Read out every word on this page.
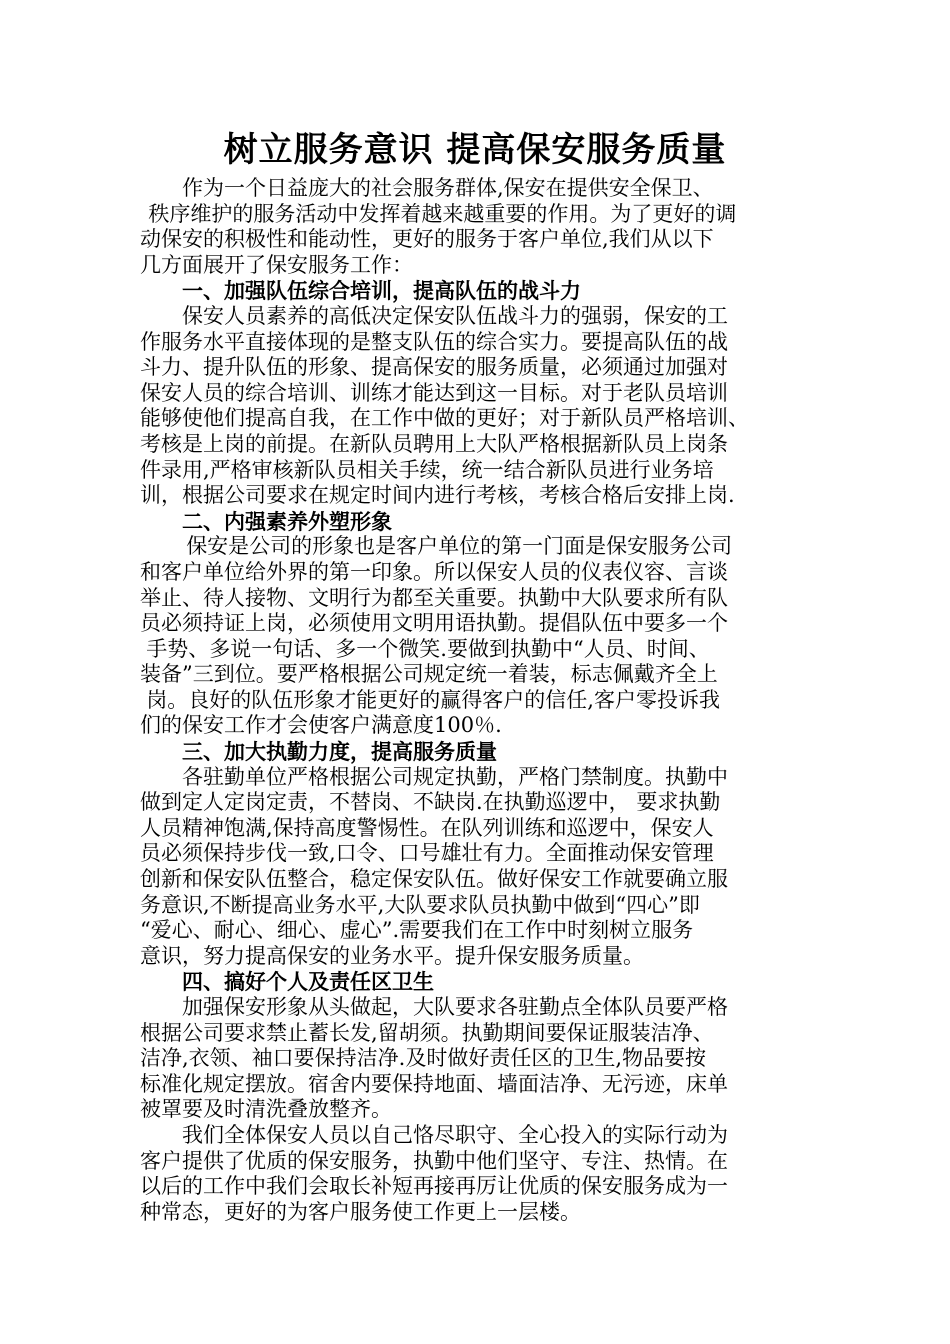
树立服务意识 提高保安服务质量
作为一个日益庞大的社会服务群体,保安在提供安全保卫、
秩序维护的服务活动中发挥着越来越重要的作用。为了更好的调
动保安的积极性和能动性，更好的服务于客户单位,我们从以下
几方面展开了保安服务工作：
一、加强队伍综合培训，提高队伍的战斗力
保安人员素养的高低决定保安队伍战斗力的强弱，保安的工
作服务水平直接体现的是整支队伍的综合实力。要提高队伍的战
斗力、提升队伍的形象、提高保安的服务质量，必须通过加强对
保安人员的综合培训、训练才能达到这一目标。对于老队员培训
能够使他们提高自我，在工作中做的更好；对于新队员严格培训、
考核是上岗的前提。在新队员聘用上大队严格根据新队员上岗条
件录用,严格审核新队员相关手续，统一结合新队员进行业务培
训，根据公司要求在规定时间内进行考核，考核合格后安排上岗.
二、内强素养外塑形象
保安是公司的形象也是客户单位的第一门面是保安服务公司
和客户单位给外界的第一印象。所以保安人员的仪表仪容、言谈
举止、待人接物、文明行为都至关重要。执勤中大队要求所有队
员必须持证上岗，必须使用文明用语执勤。提倡队伍中要多一个
手势、多说一句话、多一个微笑.要做到执勤中“人员、时间、
装备”三到位。要严格根据公司规定统一着装，标志佩戴齐全上
岗。良好的队伍形象才能更好的赢得客户的信任,客户零投诉我
们的保安工作才会使客户满意度100％.
三、加大执勤力度，提高服务质量
各驻勤单位严格根据公司规定执勤，严格门禁制度。执勤中
做到定人定岗定责，不替岗、不缺岗.在执勤巡逻中， 要求执勤
人员精神饱满,保持高度警惕性。在队列训练和巡逻中，保安人
员必须保持步伐一致,口令、口号雄壮有力。全面推动保安管理
创新和保安队伍整合，稳定保安队伍。做好保安工作就要确立服
务意识,不断提高业务水平,大队要求队员执勤中做到“四心”即
“爱心、耐心、细心、虚心”.需要我们在工作中时刻树立服务
意识，努力提高保安的业务水平。提升保安服务质量。
四、搞好个人及责任区卫生
加强保安形象从头做起，大队要求各驻勤点全体队员要严格
根据公司要求禁止蓄长发,留胡须。执勤期间要保证服装洁净、
洁净,衣领、袖口要保持洁净.及时做好责任区的卫生,物品要按
标准化规定摆放。宿舍内要保持地面、墙面洁净、无污迹，床单
被罩要及时清洗叠放整齐。
我们全体保安人员以自己恪尽职守、全心投入的实际行动为
客户提供了优质的保安服务，执勤中他们坚守、专注、热情。在
以后的工作中我们会取长补短再接再厉让优质的保安服务成为一
种常态，更好的为客户服务使工作更上一层楼。
